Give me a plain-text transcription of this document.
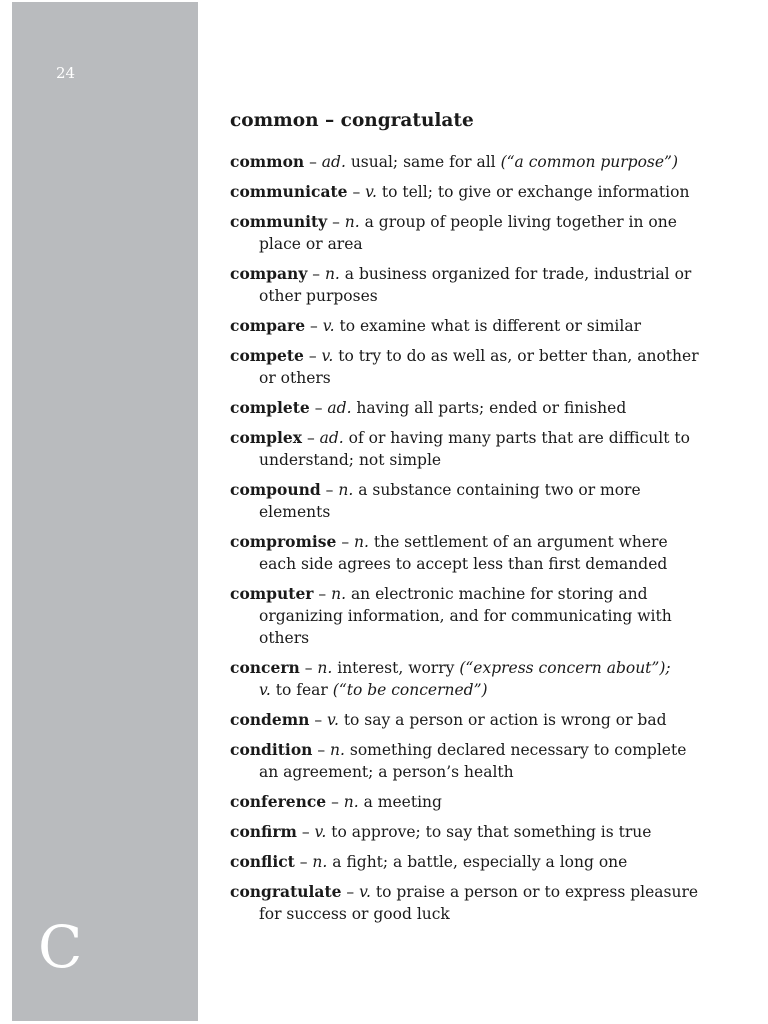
24
C
common – congratulate
common – ad. usual; same for all (“a common purpose”)
communicate – v. to tell; to give or exchange information
community – n. a group of people living together in one place or area
company – n. a business organized for trade, industrial or other purposes
compare – v. to examine what is different or similar
compete – v. to try to do as well as, or better than, another or others
complete – ad. having all parts; ended or finished
complex – ad. of or having many parts that are difficult to understand; not simple
compound – n. a substance containing two or more elements
compromise – n. the settlement of an argument where each side agrees to accept less than first demanded
computer – n. an electronic machine for storing and organizing information, and for communicating with others
concern – n. interest, worry (“express concern about”);
v. to fear (“to be concerned”)
condemn – v. to say a person or action is wrong or bad
condition – n. something declared necessary to complete an agreement; a person’s health
conference – n. a meeting
confirm – v. to approve; to say that something is true
conflict – n. a fight; a battle, especially a long one
congratulate – v. to praise a person or to express pleasure for success or good luck
